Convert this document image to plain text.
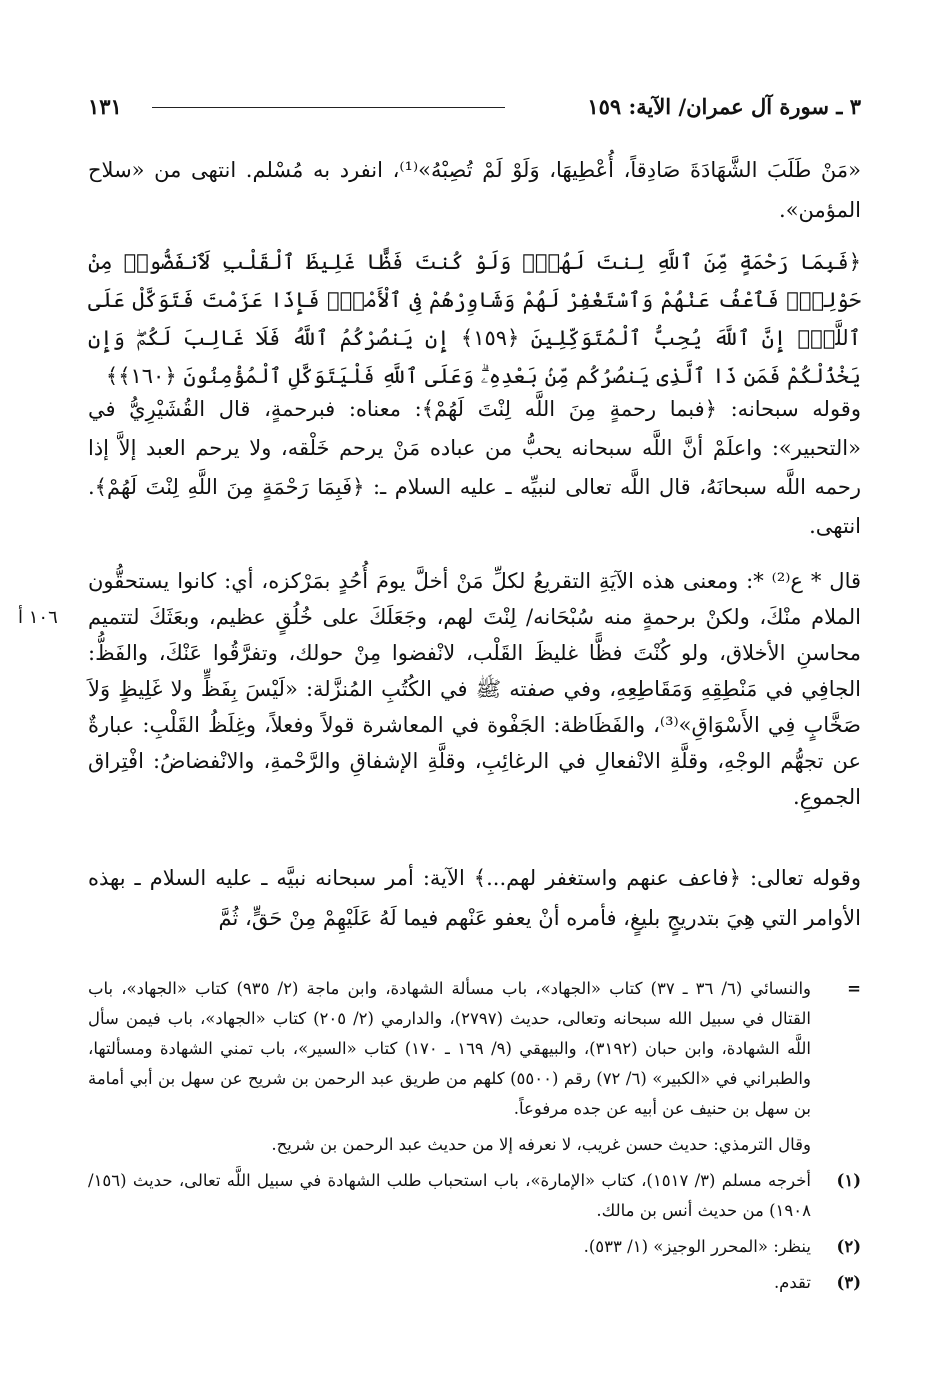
٣ ـ سورة آل عمران/ الآية: ١٥٩
١٣١

«مَنْ طَلَبَ الشَّهَادَةَ صَادِقاً، أُعْطِيهَا، وَلَوْ لَمْ تُصِبْهُ»⁽¹⁾، انفرد به مُسْلم. انتهى من «سلاح المؤمن».

﴿فَبِمَا رَحْمَةٍ مِّنَ ٱللَّهِ لِنتَ لَهُمْۖ وَلَوْ كُنتَ فَظًّا غَلِيظَ ٱلْقَلْبِ لَٱنفَضُّوا۟ مِنْ حَوْلِكَۖ فَٱعْفُ عَنْهُمْ وَٱسْتَغْفِرْ لَهُمْ وَشَاوِرْهُمْ فِى ٱلْأَمْرِۖ فَإِذَا عَزَمْتَ فَتَوَكَّلْ عَلَى ٱللَّهِۚ إِنَّ ٱللَّهَ يُحِبُّ ٱلْمُتَوَكِّلِينَ ﴿١٥٩﴾ إِن يَنصُرْكُمُ ٱللَّهُ فَلَا غَالِبَ لَكُمْۖ وَإِن يَخْذُلْكُمْ فَمَن ذَا ٱلَّذِى يَنصُرُكُم مِّنۢ بَعْدِهِۦۗ وَعَلَى ٱللَّهِ فَلْيَتَوَكَّلِ ٱلْمُؤْمِنُونَ ﴿١٦٠﴾﴾

وقوله سبحانه: ﴿فبما رحمةٍ مِنَ اللَّه لِنْتَ لَهُمْ﴾: معناه: فبرحمةٍ، قال القُشَيْرِيُّ في «التحبير»: واعلَمْ أنَّ اللَّه سبحانه يحبُّ من عباده مَنْ يرحم خَلْقه، ولا يرحم العبد إلاَّ إذا رحمه اللَّه سبحانَهُ، قال اللَّه تعالى لنبيِّه ـ عليه السلام ـ: ﴿فَبِمَا رَحْمَةٍ مِنَ اللَّهِ لِنْتَ لَهُمْ﴾. انتهى.

قال * ع⁽²⁾ *: ومعنى هذه الآيَةِ التقريعُ لكلِّ مَنْ أخلَّ يومَ أُحُدٍ بمَرْكزه، أي: كانوا يستحقُّون الملام منْكَ، ولكنْ برحمةٍ منه سُبْحَانه/ لِنْتَ لهم، وجَعَلَكَ على خُلُقٍ عظيم، وبعَثَكَ لتتميم محاسنِ الأخلاق، ولو كُنْتَ فظًّا غليظَ القَلْب، لانْفضوا مِنْ حولك، وتفرَّقُوا عَنْكَ، والفَظُّ: الجافِي في مَنْطِقِهِ وَمَقَاطِعِهِ، وفي صفته ﷺ في الكُتُبِ المُنزَّلة: «لَيْسَ بِفَظٍّ ولا غَلِيظٍ وَلاَ صَخَّابٍ فِي الأَسْوَاقِ»⁽³⁾، والفَظَاظة: الجَفْوة في المعاشرة قولاً وفعلاً، وغِلَظُ القَلْبِ: عبارةٌ عن تجهُّم الوجْهِ، وقلَّةِ الانْفعالِ في الرغائِبِ، وقلَّةِ الإشفاقِ والرَّحْمةِ، والانْفضاضُ: افْتِراق الجموعِ.

وقوله تعالى: ﴿فاعف عنهم واستغفر لهم...﴾ الآية: أمر سبحانه نبيَّه ـ عليه السلام ـ بهذه الأوامر التي هِيَ بتدريجٍ بليغٍ، فأمره أنْ يعفو عَنْهم فيما لَهُ عَلَيْهِمْ مِنْ حَقٍّ، ثُمَّ

١٠٦ أ
=
والنسائي (٦/ ٣٦ ـ ٣٧) كتاب «الجهاد»، باب مسألة الشهادة، وابن ماجة (٢/ ٩٣٥) كتاب «الجهاد»، باب القتال في سبيل الله سبحانه وتعالى، حديث (٢٧٩٧)، والدارمي (٢/ ٢٠٥) كتاب «الجهاد»، باب فيمن سأل اللَّه الشهادة، وابن حبان (٣١٩٢)، والبيهقي (٩/ ١٦٩ ـ ١٧٠) كتاب «السير»، باب تمني الشهادة ومسألتها، والطبراني في «الكبير» (٦/ ٧٢) رقم (٥٥٠٠) كلهم من طريق عبد الرحمن بن شريح عن سهل بن أبي أمامة بن سهل بن حنيف عن أبيه عن جده مرفوعاً.
وقال الترمذي: حديث حسن غريب، لا نعرفه إلا من حديث عبد الرحمن بن شريح.
(١)
أخرجه مسلم (٣/ ١٥١٧)، كتاب «الإمارة»، باب استحباب طلب الشهادة في سبيل اللَّه تعالى، حديث (١٥٦/ ١٩٠٨) من حديث أنس بن مالك.
(٢)
ينظر: «المحرر الوجيز» (١/ ٥٣٣).
(٣)
تقدم.
